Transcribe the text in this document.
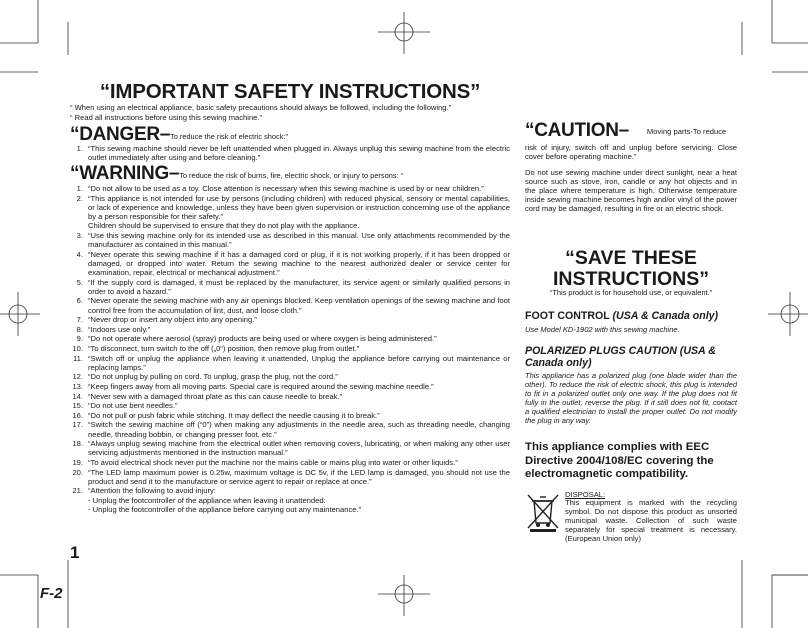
“IMPORTANT SAFETY INSTRUCTIONS”
“ When using an electrical appliance, basic safety precautions should always be followed, including the following.”
“ Read all instructions before using this sewing machine.”
“DANGER–To reduce the risk of electric shock:”
1. “This sewing machine should never be left unattended when plugged in. Always unplug this sewing machine from the electric outlet immediately after using and before cleaning.”
“WARNING–To reduce the risk of burns, fire, electric shock, or injury to persons: “
1. “Do not allow to be used as a toy. Close attention is necessary when this sewing machine is used by or near children.”
2. “This appliance is not intended for use by persons (including children) with reduced physical, sensory or mental capabilities, or lack of experience and knowledge, unless they have been given supervision or instruction concerning use of the appliance by a person responsible for their safety.”
Children should be supervised to ensure that they do not play with the appliance.
3. “Use this sewing machine only for its intended use as described in this manual. Use only attachments recommended by the manufacturer as contained in this manual.”
4. “Never operate this sewing machine if it has a damaged cord or plug, if it is not working properly, if it has been dropped or damaged, or dropped into water. Return the sewing machine to the nearest authorized dealer or service center for examination, repair, electrical or mechanical adjustment.”
5. “If the supply cord is damaged, it must be replaced by the manufacturer, its service agent or similarly qualified persons in order to avoid a hazard.”
6. “Never operate the sewing machine with any air openings blocked. Keep ventilation openings of the sewing machine and foot control free from the accumulation of lint, dust, and loose cloth.”
7. “Never drop or insert any object into any opening.”
8. “Indoors use only.”
9. “Do not operate where aerosol (spray) products are being used or where oxygen is being administered.”
10. “To disconnect, turn switch to the off („0“) position, then remove plug from outlet.”
11. “Switch off or unplug the appliance when leaving it unattended, Unplug the appliance before carrying out maintenance or replacing lamps.”
12. “Do not unplug by pulling on cord. To unplug, grasp the plug, not the cord.”
13. “Keep fingers away from all moving parts. Special care is required around the sewing machine needle.”
14. “Never sew with a damaged throat plate as this can cause needle to break.”
15. “Do not use bent needles.”
16. “Do not pull or push fabric while stitching. It may deflect the needle causing it to break.”
17. “Switch the sewing machine off (“0”) when making any adjustments in the needle area, such as threading needle, changing needle, threading bobbin, or changing presser foot, etc.”
18. “Always unplug sewing machine from the electrical outlet when removing covers, lubricating, or when making any other user servicing adjustments mentioned in the instruction manual.”
19. “To avoid electrical shock never put the machine nor the mains cable or mains plug into water or other liquids.”
20. “The LED lamp maximum power is 0.25w, maximum voltage is DC 5v, if the LED lamp is damaged, you should not use the product and send it to the manufacture or service agent to repair or replace at once.”
21. “Attention the following to avoid injury:
- Unplug the footcontroller of the appliance when leaving it unattended:
- Unplug the footcontroller of the appliance before carrying out any maintenance.”
1
F-2
“CAUTION– $^{Moving parts-To reduce}$
risk of injury, switch off and unplug before servicing. Close cover before operating machine.”
Do not use sewing machine under direct sunlight, near a heat source such as stove, iron, candle or any hot objects and in the place where temperature is high. Otherwise temperature inside sewing machine becomes high and/or vinyl of the power cord may be damaged, resulting in fire or an electric shock.
“SAVE THESE
INSTRUCTIONS”
“This product is for household use, or equivalent.”
FOOT CONTROL (USA & Canada only)
Use Model KD-1902 with this sewing machine.
POLARIZED PLUGS CAUTION (USA & Canada only)
This appliance has a polarized plug (one blade wider than the other). To reduce the risk of electric shock, this plug is intended to fit in a polarized outlet only one way. If the plug does not fit fully in the outlet, reverse the plug. If it still does not fit, contact a qualified electrician to install the proper outlet. Do not modify the plug in any way.
This appliance complies with EEC Directive 2004/108/EC covering the electromagnetic compatibility.
DISPOSAL:
This equipment is marked with the recycling symbol. Do not dispose this product as unsorted municipal waste. Collection of such waste separately for special treatment is necessary. (European Union only)
